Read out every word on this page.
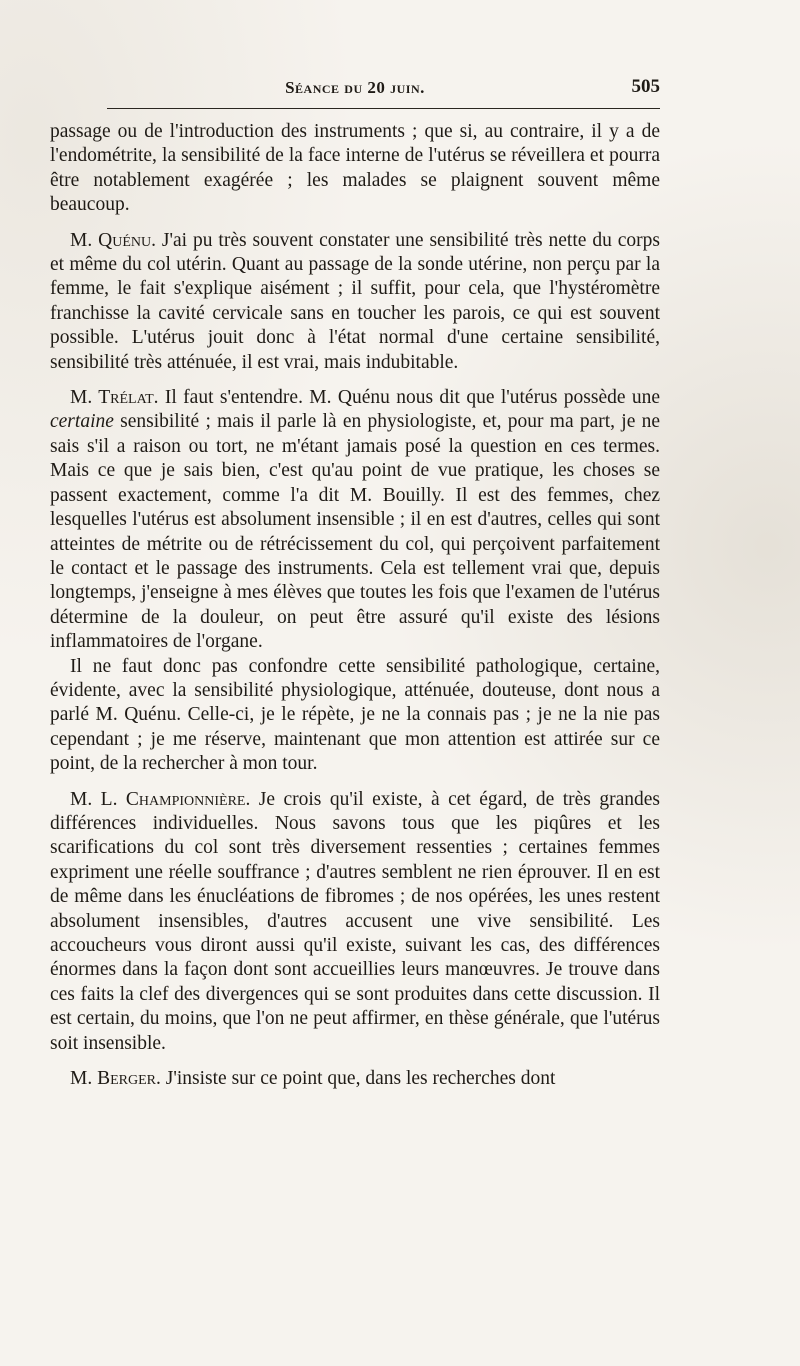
Séance du 20 juin.	505

passage ou de l'introduction des instruments ; que si, au contraire, il y a de l'endométrite, la sensibilité de la face interne de l'utérus se réveillera et pourra être notablement exagérée ; les malades se plaignent souvent même beaucoup.

M. Quénu. J'ai pu très souvent constater une sensibilité très nette du corps et même du col utérin. Quant au passage de la sonde utérine, non perçu par la femme, le fait s'explique aisément ; il suffit, pour cela, que l'hystéromètre franchisse la cavité cervicale sans en toucher les parois, ce qui est souvent possible. L'utérus jouit donc à l'état normal d'une certaine sensibilité, sensibilité très atténuée, il est vrai, mais indubitable.

M. Trélat. Il faut s'entendre. M. Quénu nous dit que l'utérus possède une certaine sensibilité ; mais il parle là en physiologiste, et, pour ma part, je ne sais s'il a raison ou tort, ne m'étant jamais posé la question en ces termes. Mais ce que je sais bien, c'est qu'au point de vue pratique, les choses se passent exactement, comme l'a dit M. Bouilly. Il est des femmes, chez lesquelles l'utérus est absolument insensible ; il en est d'autres, celles qui sont atteintes de métrite ou de rétrécissement du col, qui perçoivent parfaitement le contact et le passage des instruments. Cela est tellement vrai que, depuis longtemps, j'enseigne à mes élèves que toutes les fois que l'examen de l'utérus détermine de la douleur, on peut être assuré qu'il existe des lésions inflammatoires de l'organe.

Il ne faut donc pas confondre cette sensibilité pathologique, certaine, évidente, avec la sensibilité physiologique, atténuée, douteuse, dont nous a parlé M. Quénu. Celle-ci, je le répète, je ne la connais pas ; je ne la nie pas cependant ; je me réserve, maintenant que mon attention est attirée sur ce point, de la rechercher à mon tour.

M. L. Championnière. Je crois qu'il existe, à cet égard, de très grandes différences individuelles. Nous savons tous que les piqûres et les scarifications du col sont très diversement ressenties ; certaines femmes expriment une réelle souffrance ; d'autres semblent ne rien éprouver. Il en est de même dans les énucléations de fibromes ; de nos opérées, les unes restent absolument insensibles, d'autres accusent une vive sensibilité. Les accoucheurs vous diront aussi qu'il existe, suivant les cas, des différences énormes dans la façon dont sont accueillies leurs manœuvres. Je trouve dans ces faits la clef des divergences qui se sont produites dans cette discussion. Il est certain, du moins, que l'on ne peut affirmer, en thèse générale, que l'utérus soit insensible.

M. Berger. J'insiste sur ce point que, dans les recherches dont
